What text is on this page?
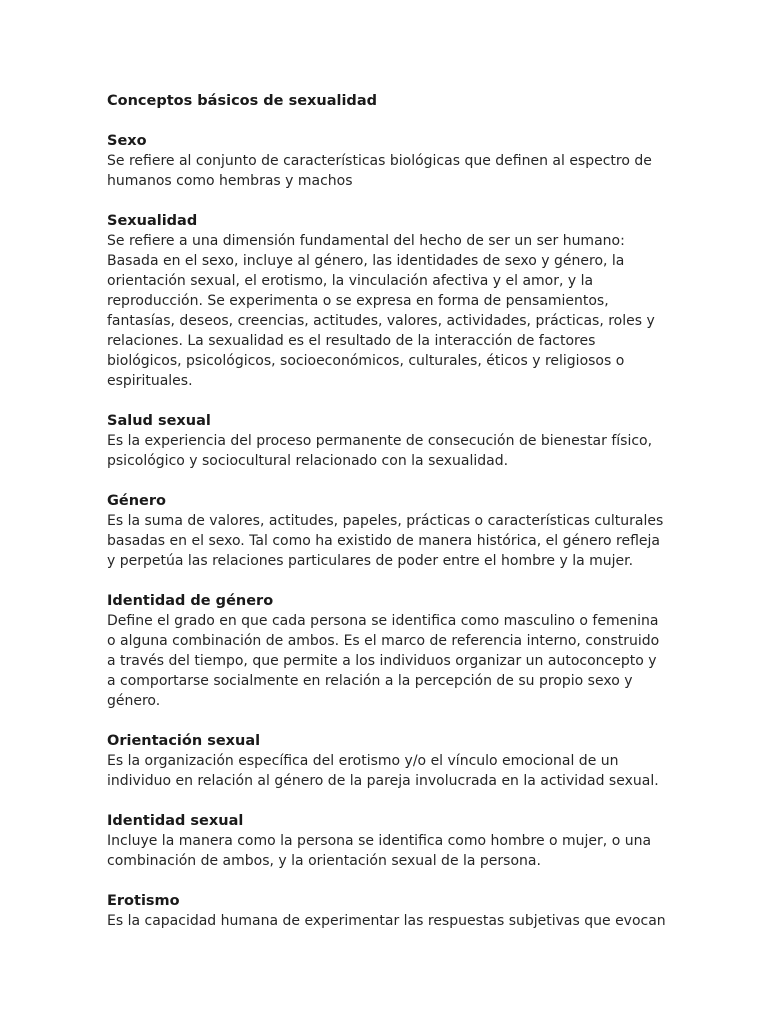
Conceptos básicos de sexualidad
Sexo

Se refiere al conjunto de características biológicas que definen al espectro de
humanos como hembras y machos

Sexualidad

Se refiere a una dimensión fundamental del hecho de ser un ser humano:
Basada en el sexo, incluye al género, las identidades de sexo y género, la
orientación sexual, el erotismo, la vinculación afectiva y el amor, y la
reproducción. Se experimenta o se expresa en forma de pensamientos,
fantasías, deseos, creencias, actitudes, valores, actividades, prácticas, roles y
relaciones. La sexualidad es el resultado de la interacción de factores
biológicos, psicológicos, socioeconómicos, culturales, éticos y religiosos o
espirituales.

Salud sexual

Es la experiencia del proceso permanente de consecución de bienestar físico,
psicológico y sociocultural relacionado con la sexualidad.

Género

Es la suma de valores, actitudes, papeles, prácticas o características culturales
basadas en el sexo. Tal como ha existido de manera histórica, el género refleja
y perpetúa las relaciones particulares de poder entre el hombre y la mujer.

Identidad de género

Define el grado en que cada persona se identifica como masculino o femenina
o alguna combinación de ambos. Es el marco de referencia interno, construido
a través del tiempo, que permite a los individuos organizar un autoconcepto y
a comportarse socialmente en relación a la percepción de su propio sexo y
género.

Orientación sexual

Es la organización específica del erotismo y/o el vínculo emocional de un
individuo en relación al género de la pareja involucrada en la actividad sexual.

Identidad sexual

Incluye la manera como la persona se identifica como hombre o mujer, o una
combinación de ambos, y la orientación sexual de la persona.

Erotismo

Es la capacidad humana de experimentar las respuestas subjetivas que evocan
